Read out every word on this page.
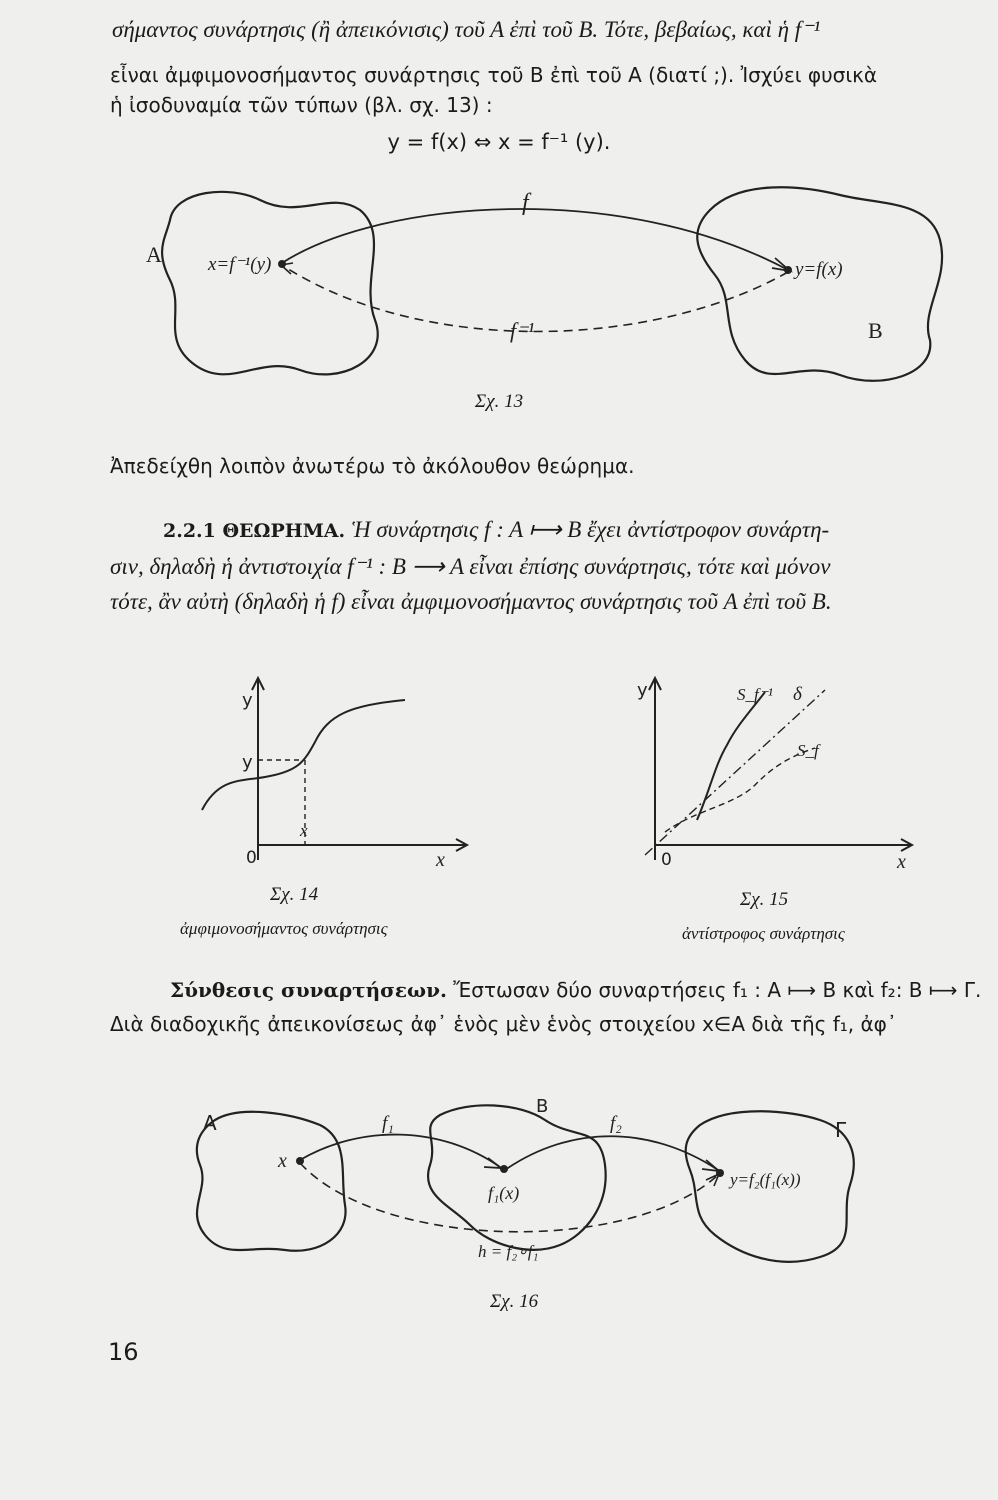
σήμαντος συνάρτησις (ἢ ἀπεικόνισις) τοῦ Α ἐπὶ τοῦ Β. Τότε, βεβαίως, καὶ ἡ f⁻¹
εἶναι ἀμφιμονοσήμαντος συνάρτησις τοῦ Β ἐπὶ τοῦ Α (διατί ;). Ἰσχύει φυσικὰ
ἡ ἰσοδυναμία τῶν τύπων (βλ. σχ. 13) :
y = f(x) ⇔ x = f⁻¹ (y).
A
B
f
f⁻¹
x=f⁻¹(y)	y=f(x)
Σχ. 13
Ἀπεδείχθη λοιπὸν ἀνωτέρω τὸ ἀκόλουθον θεώρημα.
2.2.1 ΘΕΩΡΗΜΑ. Ἡ συνάρτησις f : A ⟼ B ἔχει ἀντίστροφον συνάρτη-
σιν, δηλαδὴ ἡ ἀντιστοιχία f⁻¹ : B ⟶ A εἶναι ἐπίσης συνάρτησις, τότε καὶ μόνον
τότε, ἂν αὐτὴ (δηλαδὴ ἡ f) εἶναι ἀμφιμονοσήμαντος συνάρτησις τοῦ A ἐπὶ τοῦ B.
y
y
0
x
x
Σχ. 14
ἀμφιμονοσήμαντος συνάρτησις
y	S_f⁻¹ δ
S_f
0	x
Σχ. 15
ἀντίστροφος συνάρτησις
Σύνθεσις συναρτήσεων. Ἔστωσαν δύο συναρτήσεις f₁ : A ⟼ B καὶ f₂: B ⟼ Γ.
Διὰ διαδοχικῆς ἀπεικονίσεως ἀφ᾽ ἑνὸς μὲν ἑνὸς στοιχείου x∈A διὰ τῆς f₁, ἀφ᾽
A
B
Γ
x
f₁	f₂
f₁(x)
y=f₂(f₁(x))
h = f₂∘f₁
Σχ. 16
16
